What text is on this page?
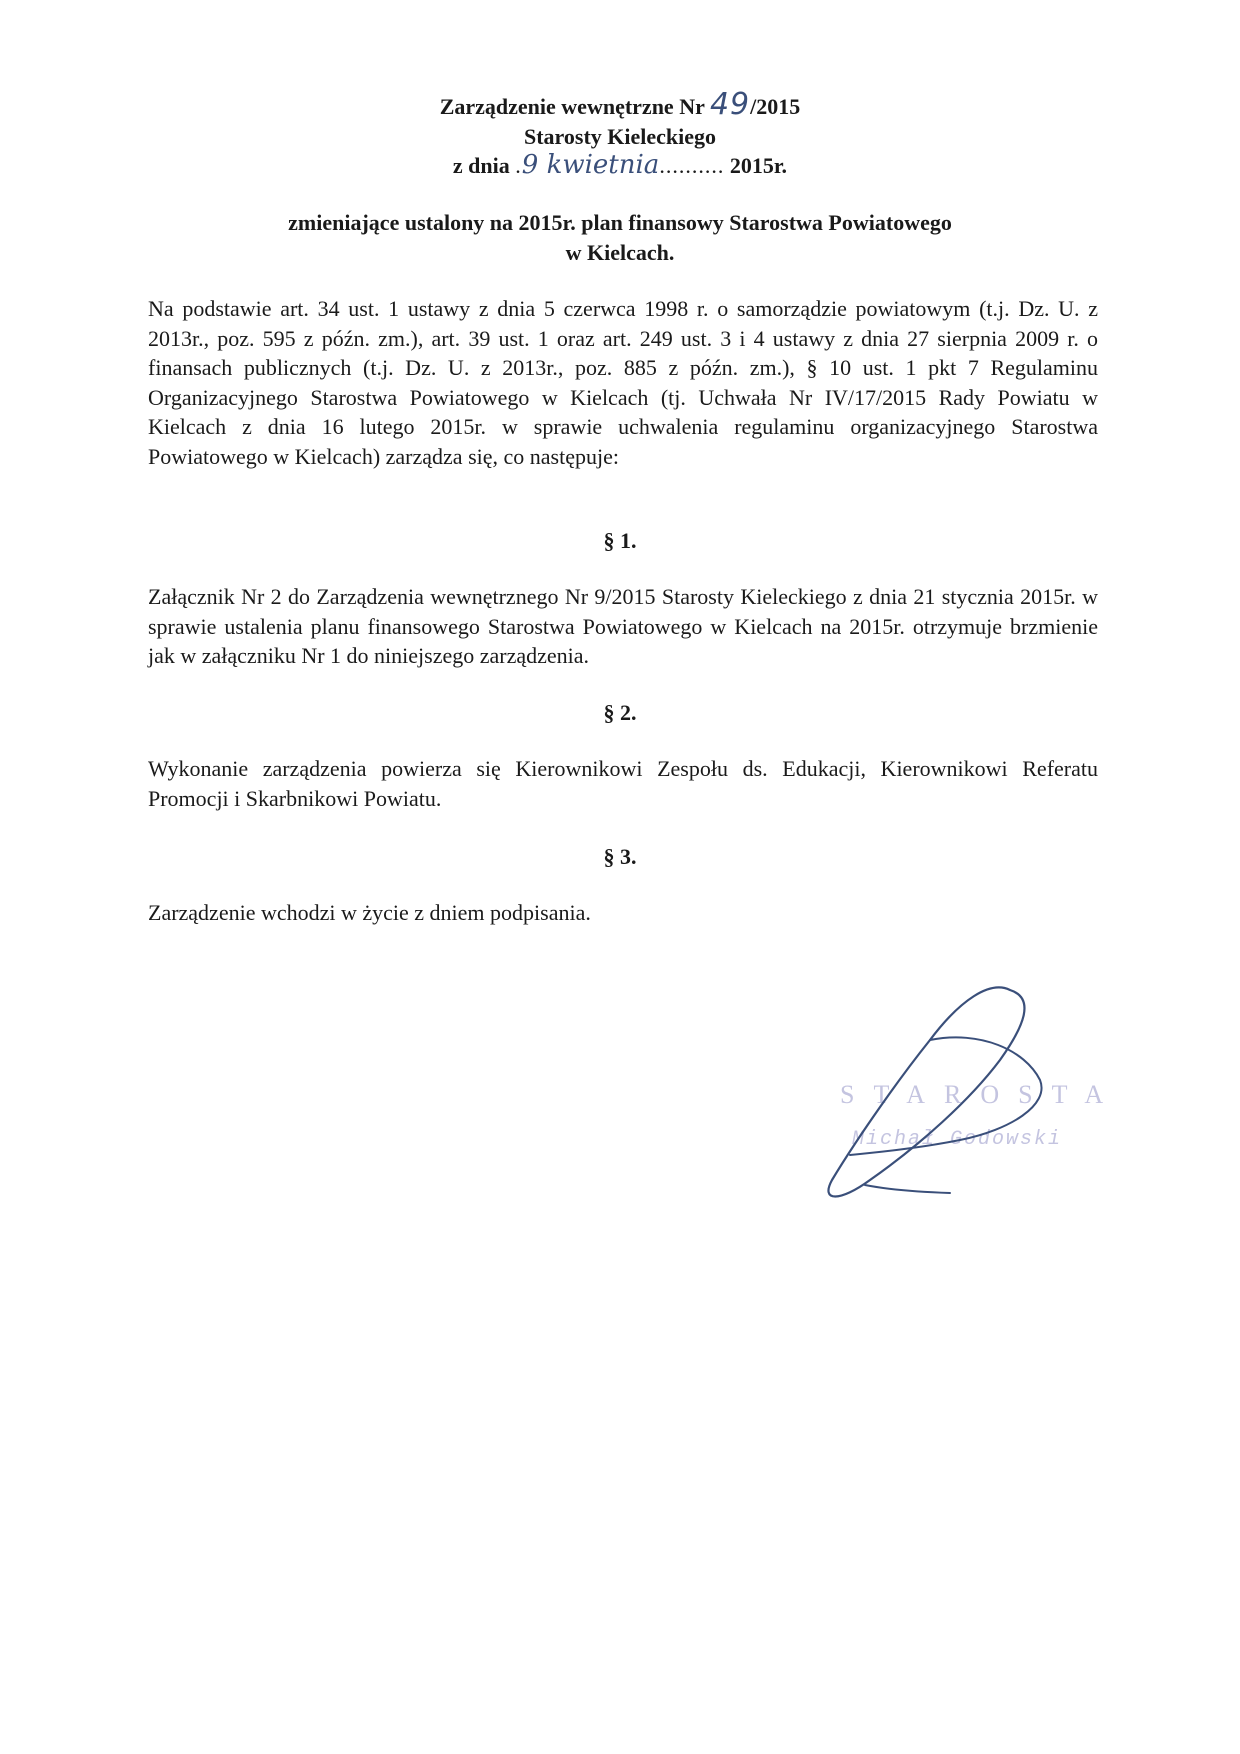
Zarządzenie wewnętrzne Nr 49/2015
Starosty Kieleckiego
z dnia .9 kwietnia.......... 2015r.
zmieniające ustalony na 2015r. plan finansowy Starostwa Powiatowego
w Kielcach.
Na podstawie art. 34 ust. 1 ustawy z dnia 5 czerwca 1998 r. o samorządzie powiatowym (t.j. Dz. U. z 2013r., poz. 595 z późn. zm.), art. 39 ust. 1 oraz art. 249 ust. 3 i 4 ustawy z dnia 27 sierpnia 2009 r. o finansach publicznych (t.j. Dz. U. z 2013r., poz. 885 z późn. zm.), § 10 ust. 1 pkt 7 Regulaminu Organizacyjnego Starostwa Powiatowego w Kielcach (tj. Uchwała Nr IV/17/2015 Rady Powiatu w Kielcach z dnia 16 lutego 2015r. w sprawie uchwalenia regulaminu organizacyjnego Starostwa Powiatowego w Kielcach) zarządza się, co następuje:
§ 1.
Załącznik Nr 2 do Zarządzenia wewnętrznego Nr 9/2015 Starosty Kieleckiego z dnia 21 stycznia 2015r. w sprawie ustalenia planu finansowego Starostwa Powiatowego w Kielcach na 2015r. otrzymuje brzmienie jak w załączniku Nr 1 do niniejszego zarządzenia.
§ 2.
Wykonanie zarządzenia powierza się Kierownikowi Zespołu ds. Edukacji, Kierownikowi Referatu Promocji i Skarbnikowi Powiatu.
§ 3.
Zarządzenie wchodzi w życie z dniem podpisania.
STAROSTA
Michał Godowski
